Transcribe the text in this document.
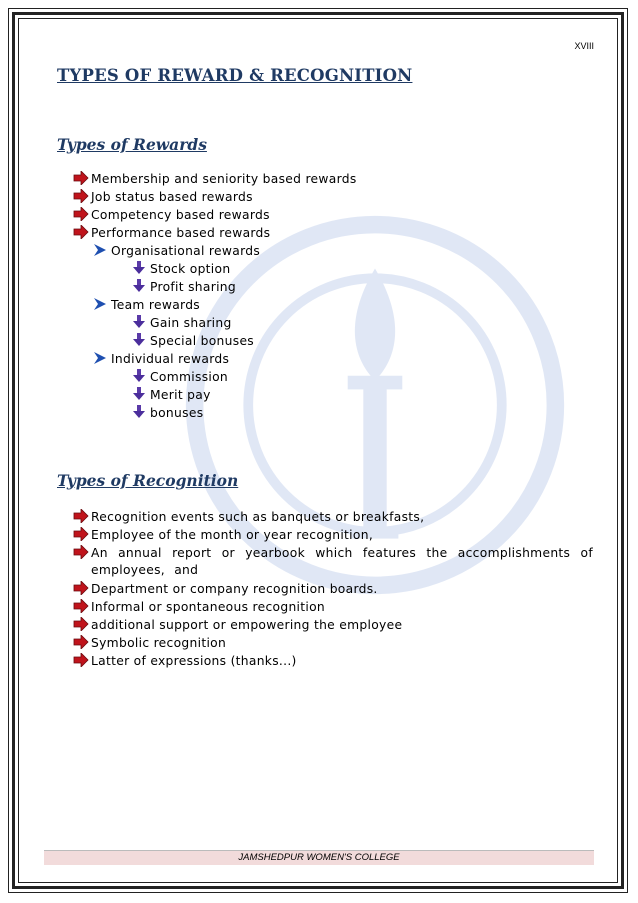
XVIII
TYPES OF REWARD & RECOGNITION
Types of Rewards
Membership and seniority based rewards
Job status based rewards
Competency based rewards
Performance based rewards
Organisational rewards
Stock option
Profit sharing
Team rewards
Gain sharing
Special bonuses
Individual rewards
Commission
Merit pay
bonuses
Types of Recognition
Recognition events such as banquets or breakfasts,
Employee of the month or year recognition,
An annual report or yearbook which features the accomplishments of employees, and
Department or company recognition boards.
Informal or spontaneous recognition
additional support or empowering the employee
Symbolic recognition
Latter of expressions (thanks...)
JAMSHEDPUR WOMEN'S COLLEGE
